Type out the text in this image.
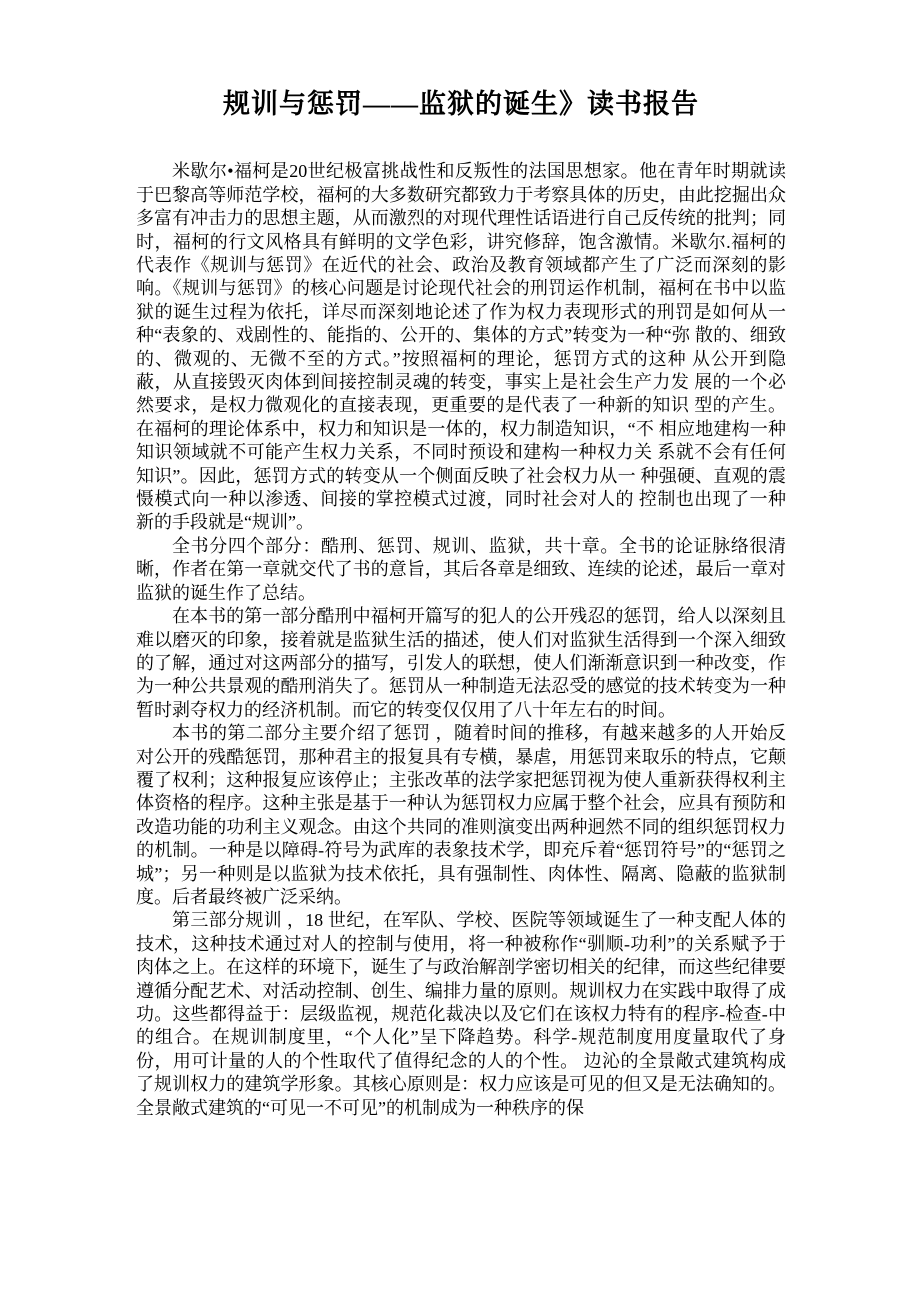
规训与惩罚——监狱的诞生》读书报告

米歇尔•福柯是20世纪极富挑战性和反叛性的法国思想家。他在青年时期就读于巴黎高等师范学校，福柯的大多数研究都致力于考察具体的历史，由此挖掘出众多富有冲击力的思想主题，从而激烈的对现代理性话语进行自己反传统的批判；同时，福柯的行文风格具有鲜明的文学色彩，讲究修辞，饱含激情。米歇尔.福柯的代表作《规训与惩罚》在近代的社会、政治及教育领域都产生了广泛而深刻的影响。《规训与惩罚》的核心问题是讨论现代社会的刑罚运作机制，福柯在书中以监狱的诞生过程为依托，详尽而深刻地论述了作为权力表现形式的刑罚是如何从一种“表象的、戏剧性的、能指的、公开的、集体的方式”转变为一种“弥 散的、细致的、微观的、无微不至的方式。”按照福柯的理论，惩罚方式的这种 从公开到隐蔽，从直接毁灭肉体到间接控制灵魂的转变，事实上是社会生产力发 展的一个必然要求，是权力微观化的直接表现，更重要的是代表了一种新的知识 型的产生。在福柯的理论体系中，权力和知识是一体的，权力制造知识，“不 相应地建构一种知识领域就不可能产生权力关系，不同时预设和建构一种权力关 系就不会有任何知识”。因此，惩罚方式的转变从一个侧面反映了社会权力从一 种强硬、直观的震慑模式向一种以渗透、间接的掌控模式过渡，同时社会对人的 控制也出现了一种新的手段就是“规训”。

全书分四个部分：酷刑、惩罚、规训、监狱，共十章。全书的论证脉络很清晰，作者在第一章就交代了书的意旨，其后各章是细致、连续的论述，最后一章对监狱的诞生作了总结。

在本书的第一部分酷刑中福柯开篇写的犯人的公开残忍的惩罚，给人以深刻且难以磨灭的印象，接着就是监狱生活的描述，使人们对监狱生活得到一个深入细致的了解，通过对这两部分的描写，引发人的联想，使人们渐渐意识到一种改变，作为一种公共景观的酷刑消失了。惩罚从一种制造无法忍受的感觉的技术转变为一种暂时剥夺权力的经济机制。而它的转变仅仅用了八十年左右的时间。

本书的第二部分主要介绍了惩罚 ，随着时间的推移，有越来越多的人开始反对公开的残酷惩罚，那种君主的报复具有专横，暴虐，用惩罚来取乐的特点，它颠覆了权利；这种报复应该停止；主张改革的法学家把惩罚视为使人重新获得权利主体资格的程序。这种主张是基于一种认为惩罚权力应属于整个社会，应具有预防和改造功能的功利主义观念。由这个共同的准则演变出两种迥然不同的组织惩罚权力的机制。一种是以障碍-符号为武库的表象技术学，即充斥着“惩罚符号”的“惩罚之城”；另一种则是以监狱为技术依托，具有强制性、肉体性、隔离、隐蔽的监狱制度。后者最终被广泛采纳。

第三部分规训 ，18 世纪，在军队、学校、医院等领域诞生了一种支配人体的技术，这种技术通过对人的控制与使用，将一种被称作“驯顺-功利”的关系赋予于肉体之上。在这样的环境下，诞生了与政治解剖学密切相关的纪律，而这些纪律要遵循分配艺术、对活动控制、创生、编排力量的原则。规训权力在实践中取得了成功。这些都得益于：层级监视，规范化裁决以及它们在该权力特有的程序-检查-中的组合。在规训制度里，“个人化”呈下降趋势。科学-规范制度用度量取代了身份，用可计量的人的个性取代了值得纪念的人的个性。 边沁的全景敞式建筑构成了规训权力的建筑学形象。其核心原则是：权力应该是可见的但又是无法确知的。全景敞式建筑的“可见一不可见”的机制成为一种秩序的保
